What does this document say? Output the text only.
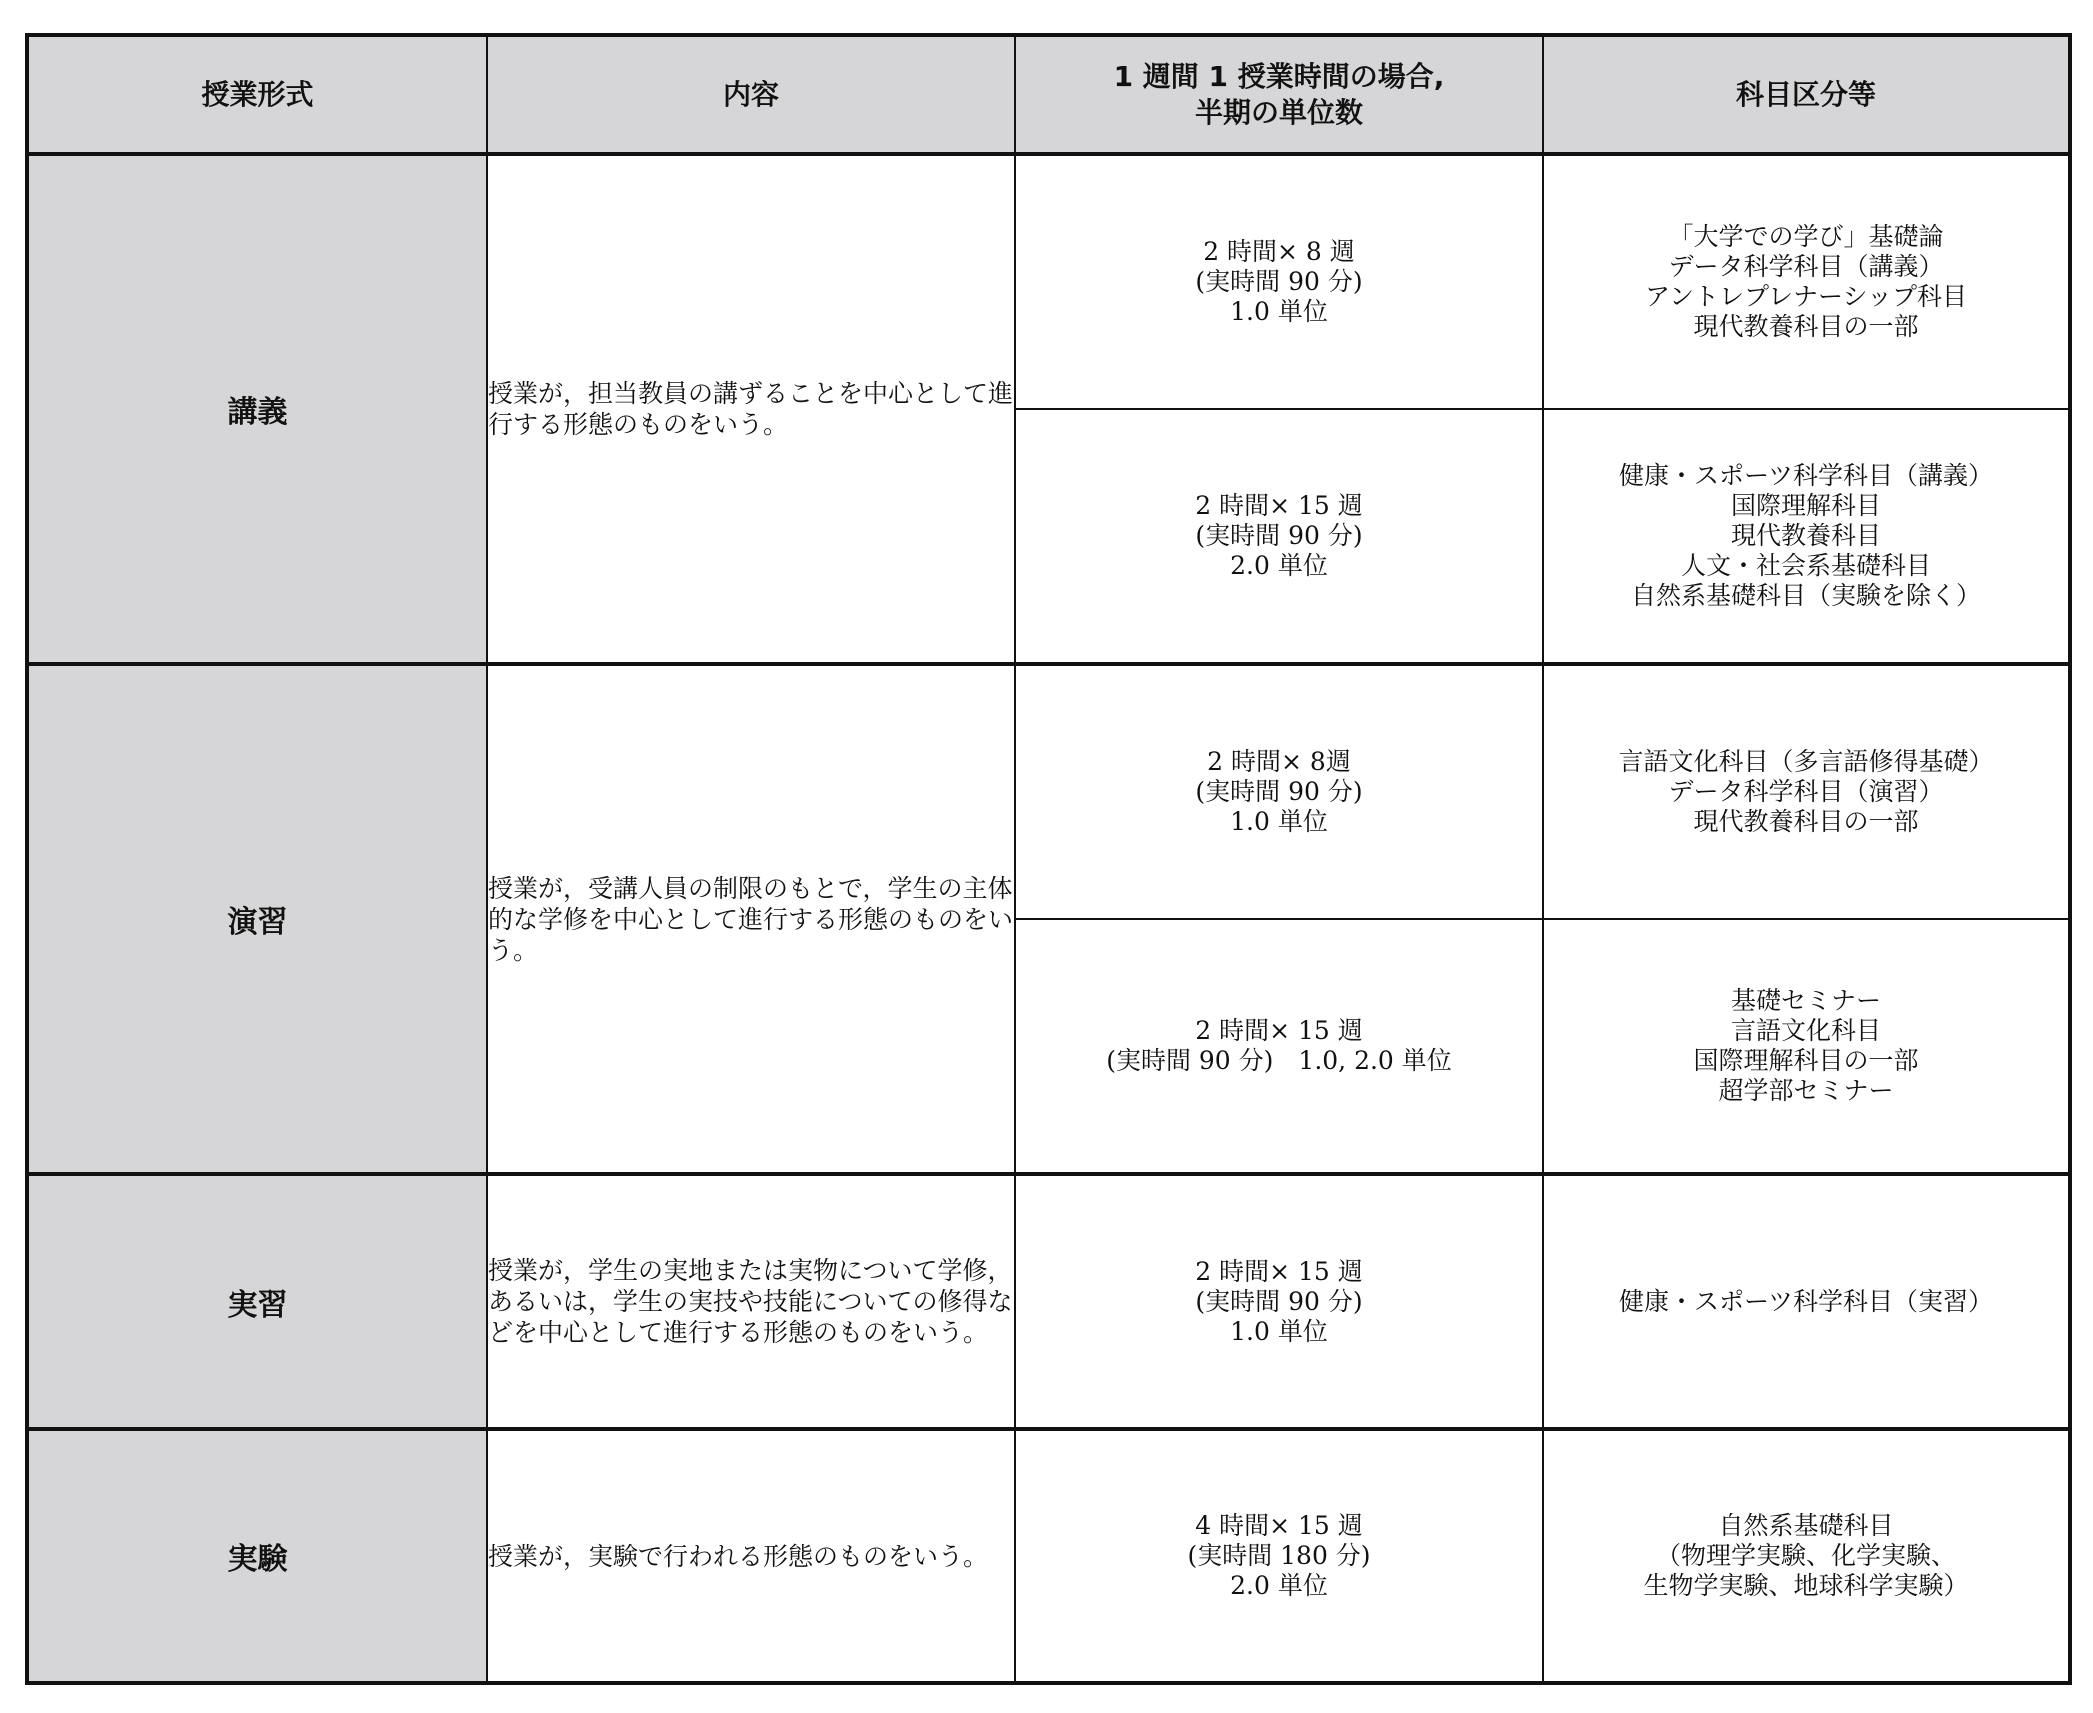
授業形式	内容	1 週間 1 授業時間の場合,
半期の単位数	科目区分等
講義	授業が，担当教員の講ずることを中心として進行する形態のものをいう。	2 時間× 8 週
(実時間 90 分)
1.0 単位	「大学での学び」基礎論
データ科学科目（講義）
アントレプレナーシップ科目
現代教養科目の一部

		2 時間× 15 週
(実時間 90 分)
2.0 単位	健康・スポーツ科学科目（講義）
国際理解科目
現代教養科目
人文・社会系基礎科目
自然系基礎科目（実験を除く）

演習	授業が，受講人員の制限のもとで，学生の主体的な学修を中心として進行する形態のものをいう。	2 時間× 8週
(実時間 90 分)
1.0 単位	言語文化科目（多言語修得基礎）
データ科学科目（演習）
現代教養科目の一部

		2 時間× 15 週
(実時間 90 分)　1.0, 2.0 単位	基礎セミナー
言語文化科目
国際理解科目の一部
超学部セミナー

実習	授業が，学生の実地または実物について学修，あるいは，学生の実技や技能についての修得などを中心として進行する形態のものをいう。	2 時間× 15 週
(実時間 90 分)
1.0 単位	健康・スポーツ科学科目（実習）

実験	授業が，実験で行われる形態のものをいう。	4 時間× 15 週
(実時間 180 分)
2.0 単位	自然系基礎科目
（物理学実験、化学実験、
生物学実験、地球科学実験）
